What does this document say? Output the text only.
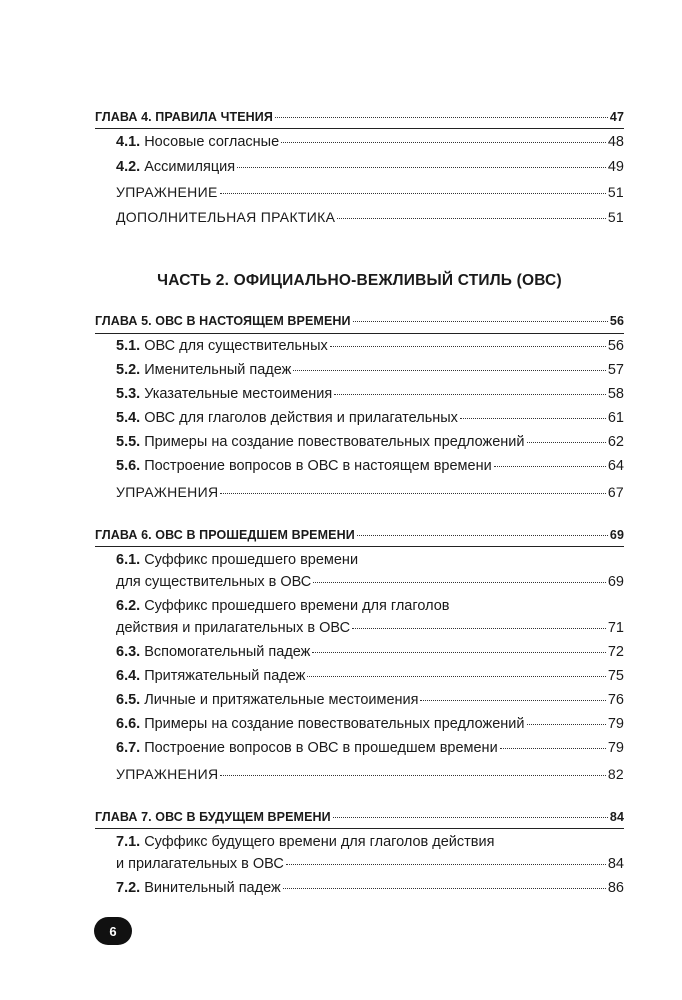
ГЛАВА 4. ПРАВИЛА ЧТЕНИЯ	47
4.1. Носовые согласные	48
4.2. Ассимиляция	49
УПРАЖНЕНИЕ	51
ДОПОЛНИТЕЛЬНАЯ ПРАКТИКА	51
ЧАСТЬ 2. ОФИЦИАЛЬНО-ВЕЖЛИВЫЙ СТИЛЬ (ОВС)
ГЛАВА 5. ОВС В НАСТОЯЩЕМ ВРЕМЕНИ	56
5.1. ОВС для существительных	56
5.2. Именительный падеж	57
5.3. Указательные местоимения	58
5.4. ОВС для глаголов действия и прилагательных	61
5.5. Примеры на создание повествовательных предложений	62
5.6. Построение вопросов в ОВС в настоящем времени	64
УПРАЖНЕНИЯ	67
ГЛАВА 6. ОВС В ПРОШЕДШЕМ ВРЕМЕНИ	69
6.1. Суффикс прошедшего времени
для существительных в ОВС	69
6.2. Суффикс прошедшего времени для глаголов
действия и прилагательных в ОВС	71
6.3. Вспомогательный падеж	72
6.4. Притяжательный падеж	75
6.5. Личные и притяжательные местоимения	76
6.6. Примеры на создание повествовательных предложений	79
6.7. Построение вопросов в ОВС в прошедшем времени	79
УПРАЖНЕНИЯ	82
ГЛАВА 7. ОВС В БУДУЩЕМ ВРЕМЕНИ	84
7.1. Суффикс будущего времени для глаголов действия
и прилагательных в ОВС	84
7.2. Винительный падеж	86
6
